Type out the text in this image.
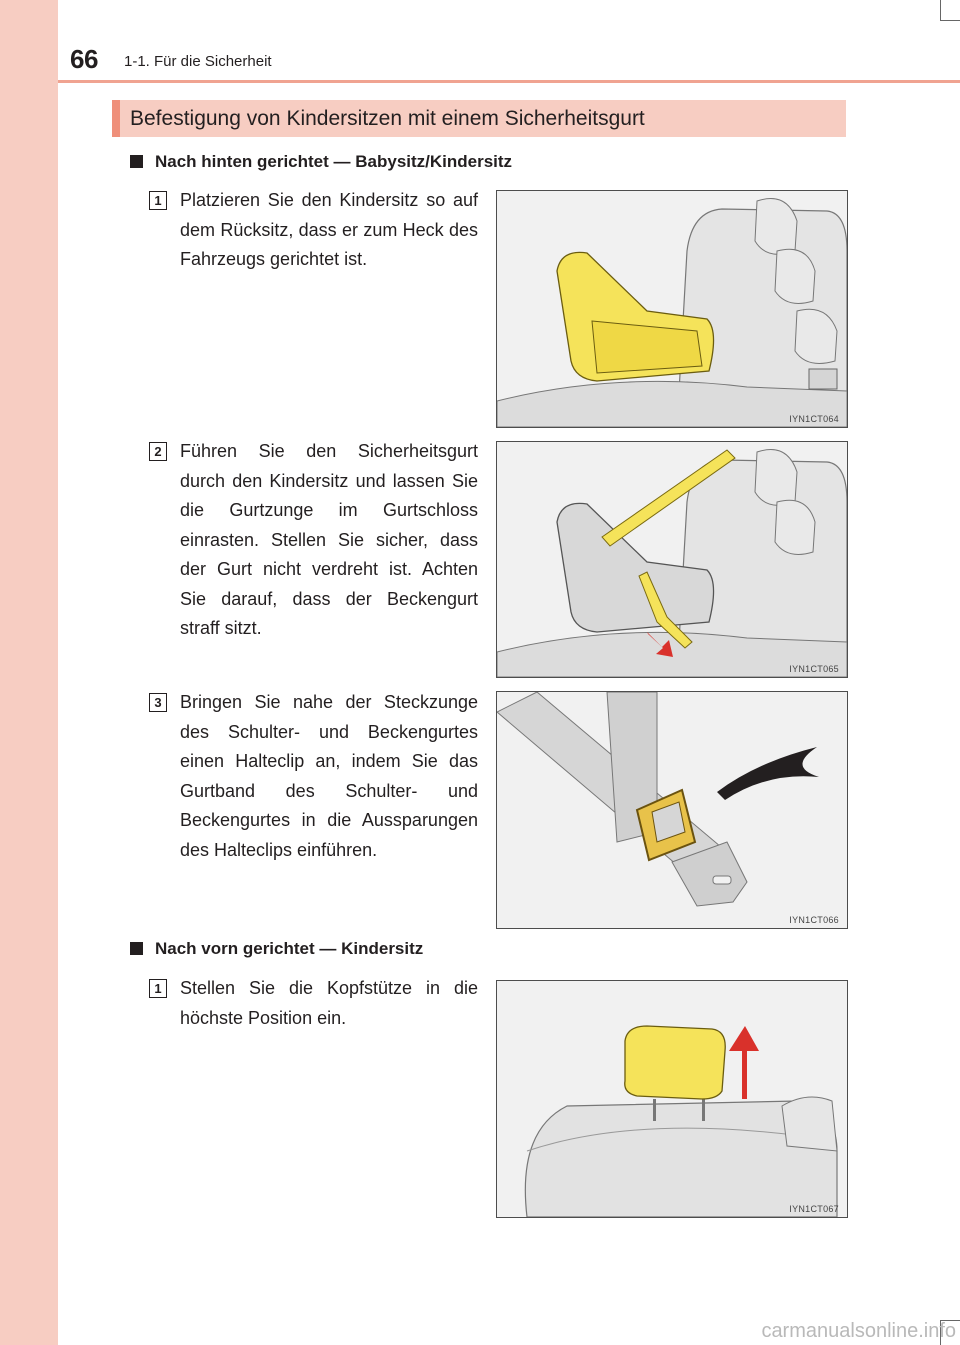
66 1-1. Für die Sicherheit
Befestigung von Kindersitzen mit einem Sicherheitsgurt
Nach hinten gerichtet — Babysitz/Kindersitz
1 Platzieren Sie den Kindersitz so auf dem Rücksitz, dass er zum Heck des Fahrzeugs gerichtet ist.
IYN1CT064
2 Führen Sie den Sicherheitsgurt durch den Kindersitz und lassen Sie die Gurtzunge im Gurtschloss einrasten. Stellen Sie sicher, dass der Gurt nicht verdreht ist. Achten Sie darauf, dass der Beckengurt straff sitzt.
IYN1CT065
3 Bringen Sie nahe der Steckzunge des Schulter- und Beckengurtes einen Halteclip an, indem Sie das Gurtband des Schulter- und Beckengurtes in die Aussparungen des Halteclips einführen.
IYN1CT066
Nach vorn gerichtet — Kindersitz
1 Stellen Sie die Kopfstütze in die höchste Position ein.
IYN1CT067
carmanualsonline.info
